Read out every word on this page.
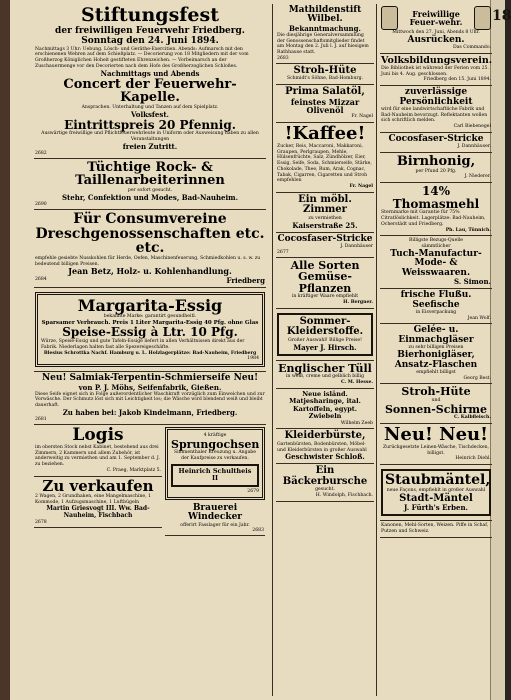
18
Stiftungsfest
der freiwilligen Feuerwehr Friedberg.
Sonntag den 24. Juni 1894.
Nachmittags 3 Uhr: Uebung. Lösch- und Geräthe-Exercitien. Abends: Aufmarsch mit den erschienenen Wehren auf dem Schießplatz. — Decorierung von 18 Mitgliedern mit der vom Großherzog Königlichen Hoheit gestifteten Ehrenzeichen. — Vorbeimarsch an der Zuschauermenge vor den Decorierten nach dem Hofe des Großherzoglichen Schloßes.
Nachmittags und Abends
Concert der Feuerwehr-Kapelle.
Ansprachen. Unterhaltung und Tanzen auf dem Spielplatz.
Volksfest.
Eintrittspreis 20 Pfennig.
Auswärtige freiwillige und Pflichtfeuerwehrleute in Uniform oder Ausweisung haben zu allen Veranstaltungen
freien Zutritt.
2682
Tüchtige Rock- & Taillenarbeiterinnen
per sofort gesucht.
Stehr, Confektion und Modes, Bad-Nauheim.
2690
Für Consumvereine
Dreschgenossenschaften etc. etc.
empfehle gesiebte Nusskohlen für Herde, Oefen, Maschinenfeuerung, Schmiedkohlen u. s. w. zu bedeutend billigen Preisen.
Jean Betz, Holz- u. Kohlenhandlung.
2684	Friedberg
Margarita-Essig
bekannte Marke: garantirt gesundheitl.
Sparsamer Verbrauch. Preis 1 Liter Margarita-Essig 40 Pfg. ohne Glas
Speise-Essig à Ltr. 10 Pfg.
Würze, Speise-Essig und gute Tafeln-Essige liefert in allen Verhältnissen direkt aus der Fabrik. Niederlagen halten fast alle Spezereigeschäfte.
Blesius Schrottka Nachf. Hamburg u. L. Holzlagerplätze: Bad-Nauheim, Friedberg
1984
Neu! Salmiak-Terpentin-Schmierseife Neu!
von P. J. Möhs, Seifenfabrik, Gießen.
Diese Seife eignet sich in Folge außerordentlicher Waschkraft vorzüglich zum Einweichen und zur Vorwäsche. Der Schmutz löst sich mit Leichtigkeit los; die Wäsche wird blendend weiß und bleibt dauerhaft.
Zu haben bei: Jakob Kindelmann, Friedberg.
2681
Logis
im obersten Stock nebst Kabinet, bestehend aus drei Zimmern, 2 Kammern und allem Zubehör, ist anderweitig zu vermiethen und am 1. September d. J. zu beziehen.
C. Praeg, Marktplatz 5.
Zu verkaufen
2 Wagen, 2 Grundhaken, eine Mangelmaschine, 1 Kommode, 1 Aufzugsmaschine, 1 Luftbügeln
Martin Griesvogt III. Ww. Bad-Nauheim, Fischbach
2678
4 kräftige
Sprungochsen
Simmenthaler Kreuzung u. Angabe der Kaufpreise zu verkaufen.
Heinrich Schultheis II
2679
Brauerei Windecker
offerirt Fasslager für ein Jahr.
2683
Mathildenstift Wilbel.
Bekanntmachung.
Die diesjährige Generalversammlung der Genossenschaftsmitglieder findet am Montag den 2. Juli l. J. auf hiesigem Rathhause statt.
2683
Stroh-Hüte
Schmidt's Söhne, Bad-Homburg.
Prima Salatöl,
feinstes Mizzar Olivenöl
Fr. Nagel
!Kaffee!
Zucker, Reis, Maccaroni, Makkaroni, Graupen, Perlgraupen, Mehle, Hülsenfrüchte, Salz, Zündhölzer, Eier, Essig, Seife, Soda, Schmierseife, Stärke, Chokolade, Thee, Rum, Arak, Cognac, Tabak, Cigarren, Cigaretten und Stroh empfehlen
Fr. Nagel
Ein möbl. Zimmer
zu vermiethen
Kaiserstraße 25.
Cocosfaser-Stricke
J. Dannhäuser
2677
Alle Sorten Gemüse-Pflanzen
in kräftiger Waare empfiehlt
H. Bergner.
Sommer-Kleiderstoffe.
Großer Auswahl! Billige Preise!
Mayer J. Hirsch.
Englischer Tüll
in weiß, creme und gelblich billig
C. M. Hesse.
Neue isländ. Matjesharinge, ital. Kartoffeln, egypt. Zwiebeln
Wilhelm Zeeb
Kleiderbürste,
Gartenbürsten, Bodenbürsten, Möbel- und Kleiderbürsten in großer Auswahl
Geschwister Schloß.
Ein Bäckerbursche
gesucht.
H. Windolph, Fischbach.
Freiwillige Feuer-wehr.
Mittwoch den 27. Juni, Abends 8 Uhr.
Ausrücken.
Das Commando.
Volksbildungsverein.
Die Bibliothek ist während der Ferien vom 25. Juni bis 4. Aug. geschlossen.
Friedberg den 15. Juni 1894.
zuverlässige Persönlichkeit
wird für eine landwirtschaftliche Fabrik und Bad-Nauheim bevorzugt. Reflektanten wollen sich schriftlich melden.
Carl Biebenegel
Cocosfaser-Stricke
J. Dannhäuser.
Birnhonig,
per Pfund 20 Pfg.
J. Niederer.
14% Thomasmehl
Sternmarke mit Garantie für 75% Citratlöslichkeit. Lagerplätze: Bad-Nauheim, Ocherstädt und Friedberg.
Ph. Lau, Tünnich.
Billigste Bezugs-Quelle
sämmtlicher
Tuch-Manufactur-Mode- & Weisswaaren.
S. Simon.
frische Flußu. Seefische
in Eisverpackung
Jean Wolf.
Gelée- u. Einmachgläser
zu sehr billigen Preisen
Bierhonigläser, Ansatz-Flaschen
empfiehlt billigst
Georg Best.
Stroh-Hüte
und
Sonnen-Schirme
C. Kalbfleisch.
Neu! Neu!
Zurückgesetzte Leinen-Wäsche, Tischdecken, billigst.
Heinrich Diehl.
Staubmäntel,
neue Façons, empfiehlt in großer Auswahl
Stadt-Mäntel
J. Fürth's Erben.
Kanonen, Mehl-Sorten, Weizen. Piffe in Schaf, Putzen und Schweiz.
